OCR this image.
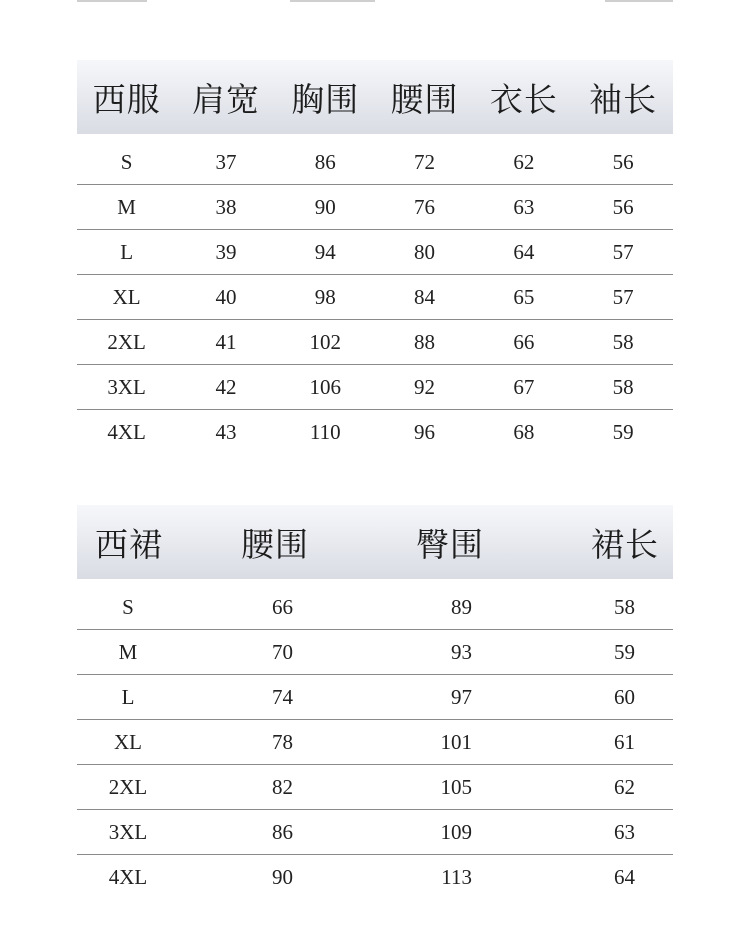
西服 肩宽 胸围 腰围 衣长 袖长
S	37	86	72	62	56
M	38	90	76	63	56
L	39	94	80	64	57
XL	40	98	84	65	57
2XL	41	102	88	66	58
3XL	42	106	92	67	58
4XL	43	110	96	68	59
西裙	腰围	臀围	裙长
S	66	89	58
M	70	93	59
L	74	97	60
XL	78	101	61
2XL	82	105	62
3XL	86	109	63
4XL	90	113	64
